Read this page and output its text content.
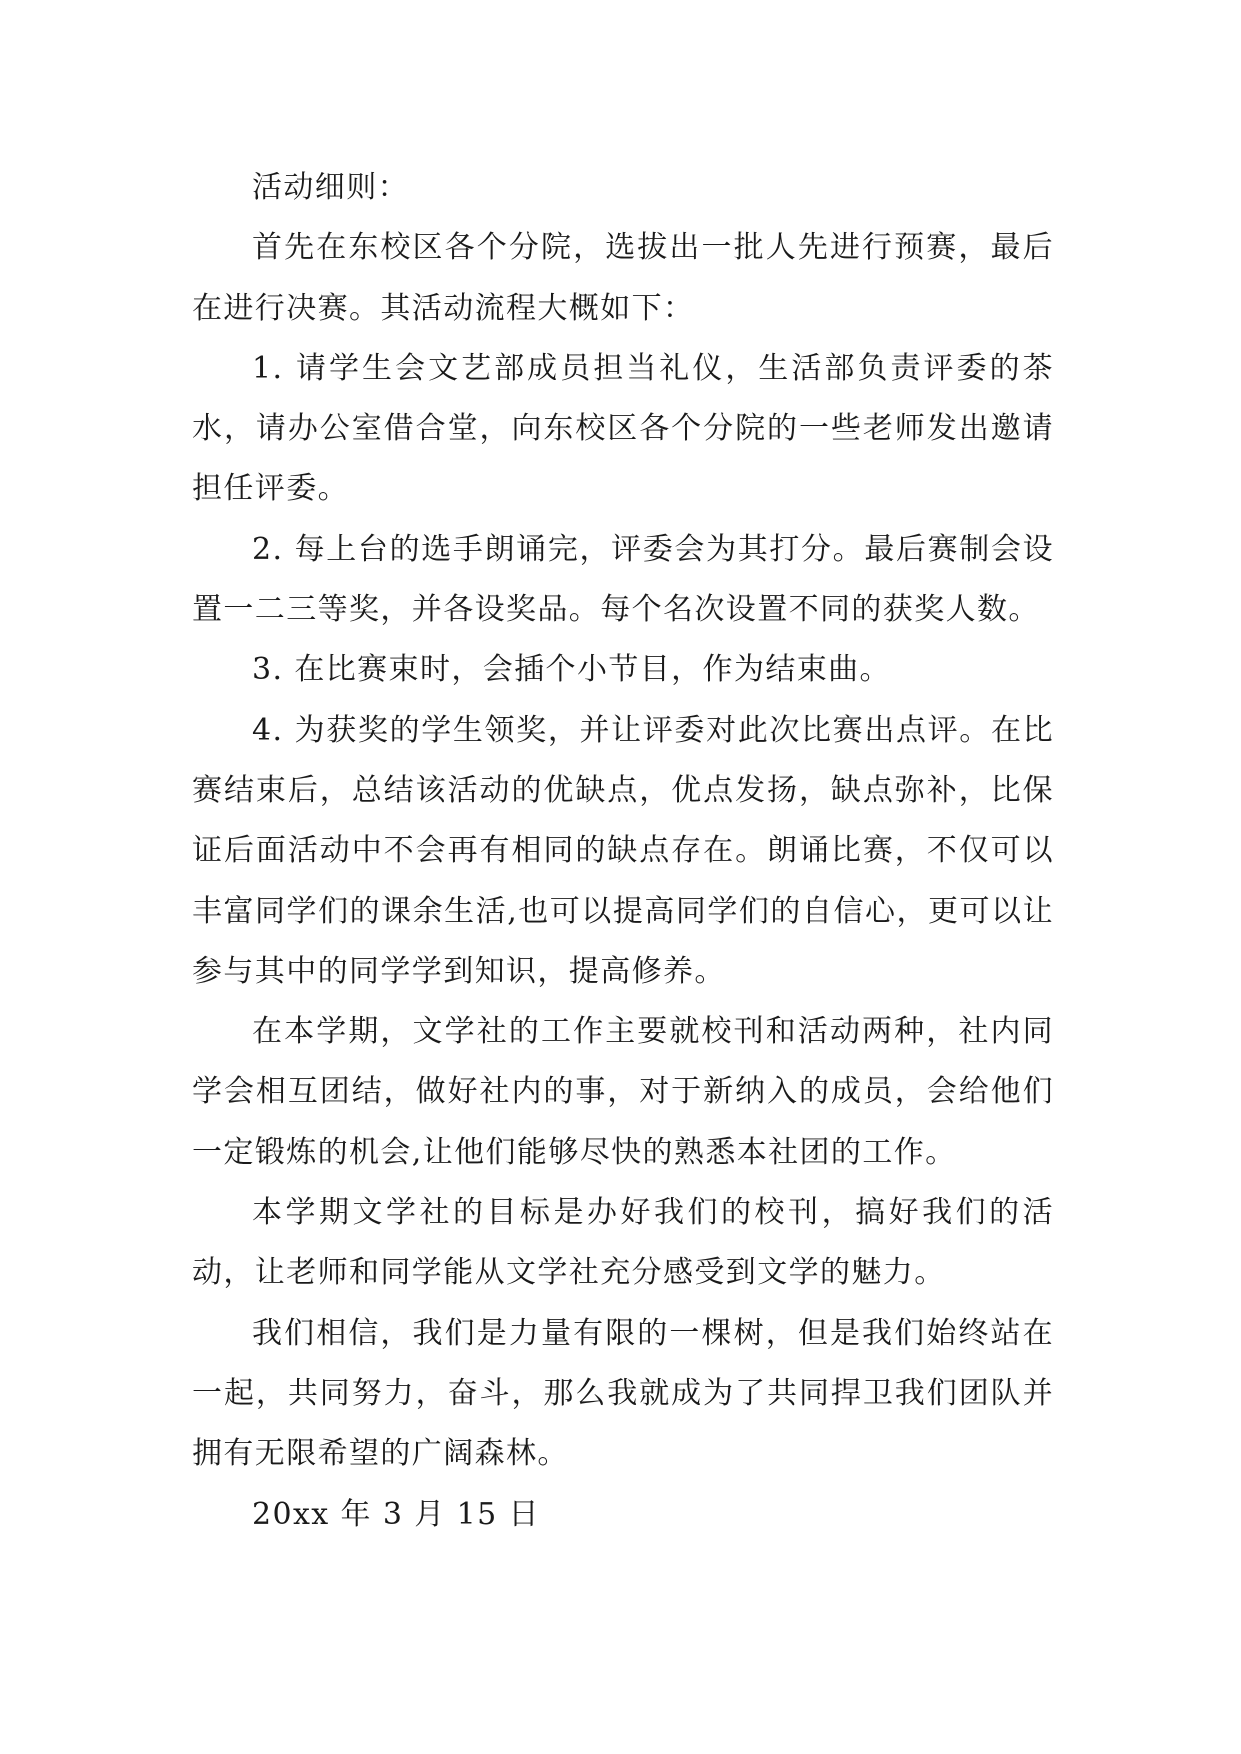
活动细则：

首先在东校区各个分院，选拔出一批人先进行预赛，最后在进行决赛。其活动流程大概如下：

1. 请学生会文艺部成员担当礼仪，生活部负责评委的茶水，请办公室借合堂，向东校区各个分院的一些老师发出邀请担任评委。

2. 每上台的选手朗诵完，评委会为其打分。最后赛制会设置一二三等奖，并各设奖品。每个名次设置不同的获奖人数。

3. 在比赛束时，会插个小节目，作为结束曲。

4. 为获奖的学生领奖，并让评委对此次比赛出点评。在比赛结束后，总结该活动的优缺点，优点发扬，缺点弥补，比保证后面活动中不会再有相同的缺点存在。朗诵比赛，不仅可以丰富同学们的课余生活,也可以提高同学们的自信心，更可以让参与其中的同学学到知识，提高修养。

在本学期，文学社的工作主要就校刊和活动两种，社内同学会相互团结，做好社内的事，对于新纳入的成员，会给他们一定锻炼的机会,让他们能够尽快的熟悉本社团的工作。

本学期文学社的目标是办好我们的校刊，搞好我们的活动，让老师和同学能从文学社充分感受到文学的魅力。

我们相信，我们是力量有限的一棵树，但是我们始终站在一起，共同努力，奋斗，那么我就成为了共同捍卫我们团队并拥有无限希望的广阔森林。

20xx 年 3 月 15 日
